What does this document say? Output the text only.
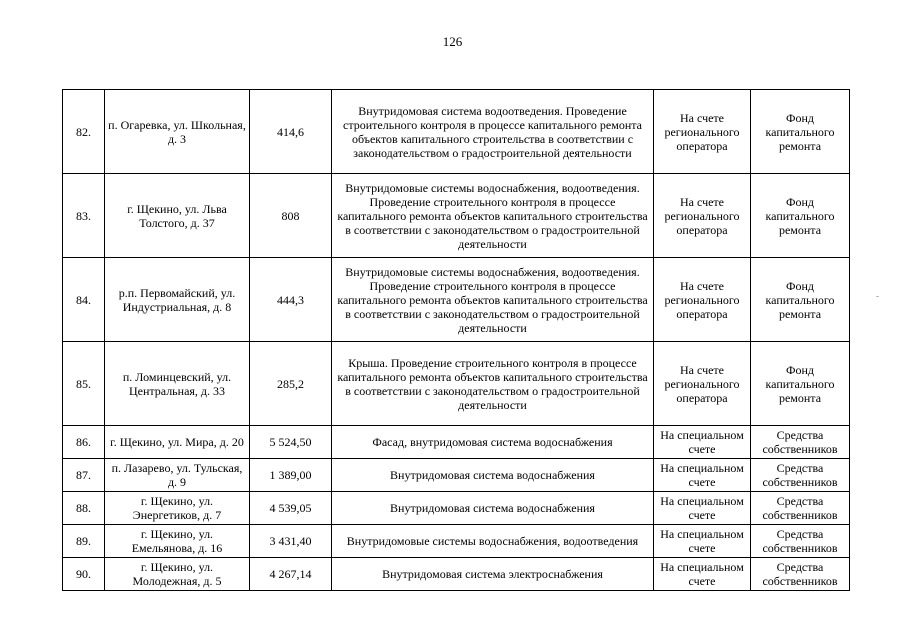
126
82.	п. Огаревка, ул. Школьная, д. 3	414,6	Внутридомовая система водоотведения. Проведение строительного контроля в процессе капитального ремонта объектов капитального строительства в соответствии с законодательством о градостроительной деятельности	На счете регионального оператора	Фонд капитального ремонта
83.	г. Щекино, ул. Льва Толстого, д. 37	808	Внутридомовые системы водоснабжения, водоотведения. Проведение строительного контроля в процессе капитального ремонта объектов капитального строительства в соответствии с законодательством о градостроительной деятельности	На счете регионального оператора	Фонд капитального ремонта
84.	р.п. Первомайский, ул. Индустриальная, д. 8	444,3	Внутридомовые системы водоснабжения, водоотведения. Проведение строительного контроля в процессе капитального ремонта объектов капитального строительства в соответствии с законодательством о градостроительной деятельности	На счете регионального оператора	Фонд капитального ремонта
85.	п. Ломинцевский, ул. Центральная, д. 33	285,2	Крыша. Проведение строительного контроля в процессе капитального ремонта объектов капитального строительства в соответствии с законодательством о градостроительной деятельности	На счете регионального оператора	Фонд капитального ремонта
86.	г. Щекино, ул. Мира, д. 20	5 524,50	Фасад, внутридомовая система водоснабжения	На специальном счете	Средства собственников
87.	п. Лазарево, ул. Тульская, д. 9	1 389,00	Внутридомовая система водоснабжения	На специальном счете	Средства собственников
88.	г. Щекино, ул. Энергетиков, д. 7	4 539,05	Внутридомовая система водоснабжения	На специальном счете	Средства собственников
89.	г. Щекино, ул. Емельянова, д. 16	3 431,40	Внутридомовые системы водоснабжения, водоотведения	На специальном счете	Средства собственников
90.	г. Щекино, ул. Молодежная, д. 5	4 267,14	Внутридомовая система электроснабжения	На специальном счете	Средства собственников
